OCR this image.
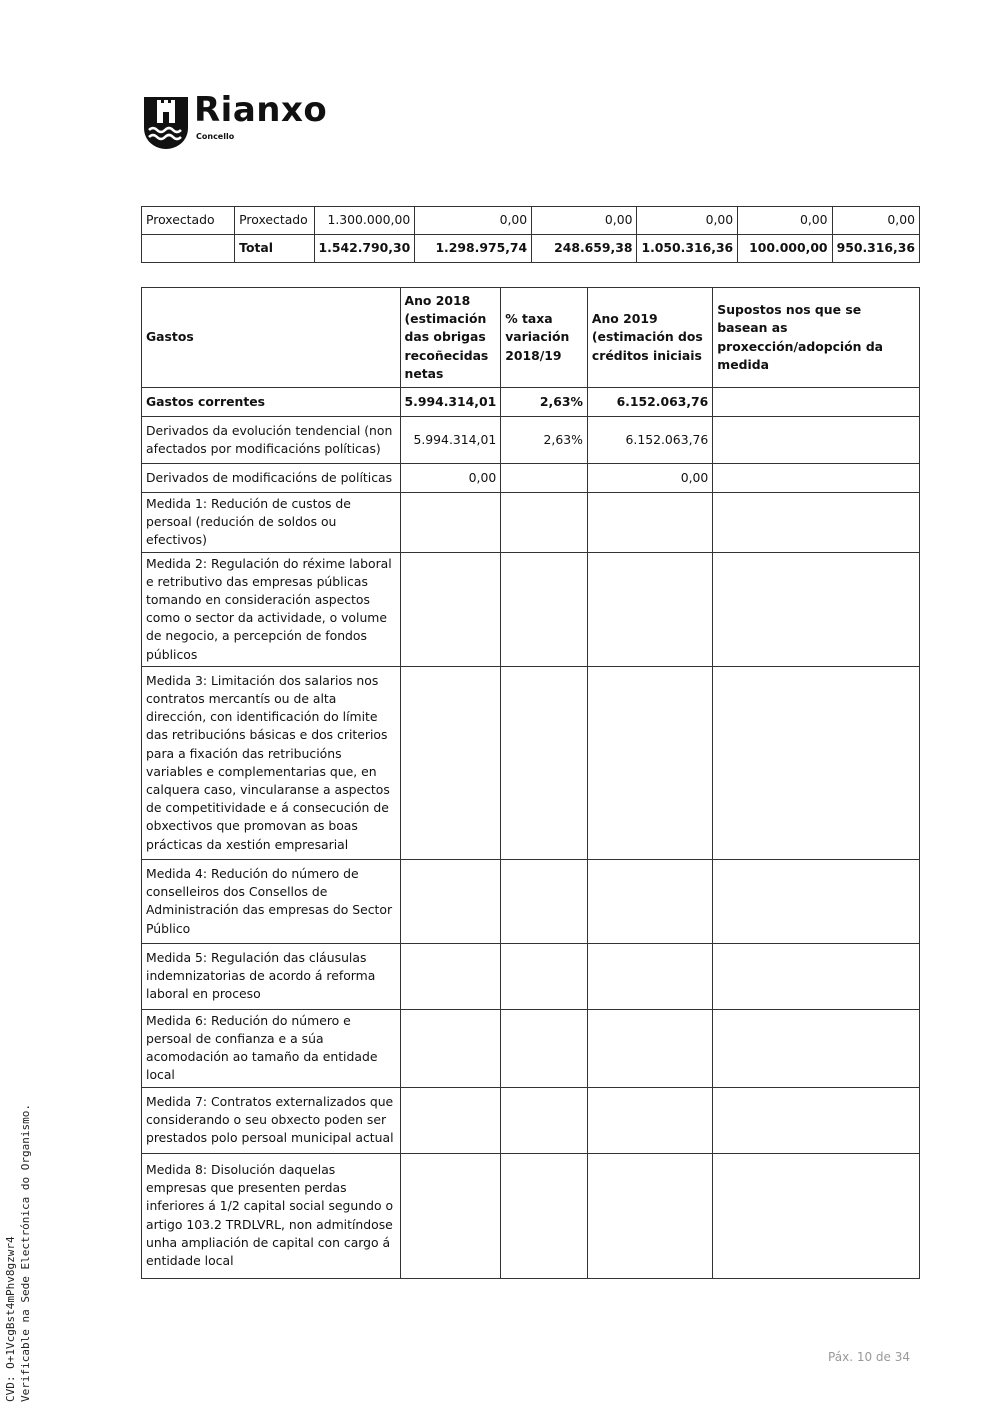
Rianxo
Concello
Proxectado	Proxectado	1.300.000,00	0,00	0,00	0,00	0,00	0,00
	Total	1.542.790,30	1.298.975,74	248.659,38	1.050.316,36	100.000,00	950.316,36
Gastos	Ano 2018 (estimación das obrigas recoñecidas netas	% taxa variación 2018/19	Ano 2019 (estimación dos créditos iniciais	Supostos nos que se basean as proxección/adopción da medida
Gastos correntes	5.994.314,01	2,63%	6.152.063,76	
Derivados da evolución tendencial (non afectados por modificacións políticas)	5.994.314,01	2,63%	6.152.063,76	
Derivados de modificacións de políticas	0,00		0,00	
Medida 1: Redución de custos de persoal (redución de soldos ou efectivos)				
Medida 2: Regulación do réxime laboral e retributivo das empresas públicas tomando en consideración aspectos como o sector da actividade, o volume de negocio, a percepción de fondos públicos				
Medida 3: Limitación dos salarios nos contratos mercantís ou de alta dirección, con identificación do límite das retribucións básicas e dos criterios para a fixación das retribucións variables e complementarias que, en calquera caso, vincularanse a aspectos de competitividade e á consecución de obxectivos que promovan as boas prácticas da xestión empresarial				
Medida 4: Redución do número de conselleiros dos Consellos de Administración das empresas do Sector Público				
Medida 5: Regulación das cláusulas indemnizatorias de acordo á reforma laboral en proceso				
Medida 6: Redución do número e persoal de confianza e a súa acomodación ao tamaño da entidade local				
Medida 7: Contratos externalizados que considerando o seu obxecto poden ser prestados polo persoal municipal actual				
Medida 8: Disolución daquelas empresas que presenten perdas inferiores á 1/2 capital social segundo o artigo 103.2 TRDLVRL, non admitíndose unha ampliación de capital con cargo á entidade local				
CVD: O+1VcgBst4mPhv8gzwr4 Verificable na Sede Electrónica do Organismo.	Páx. 10 de 34
